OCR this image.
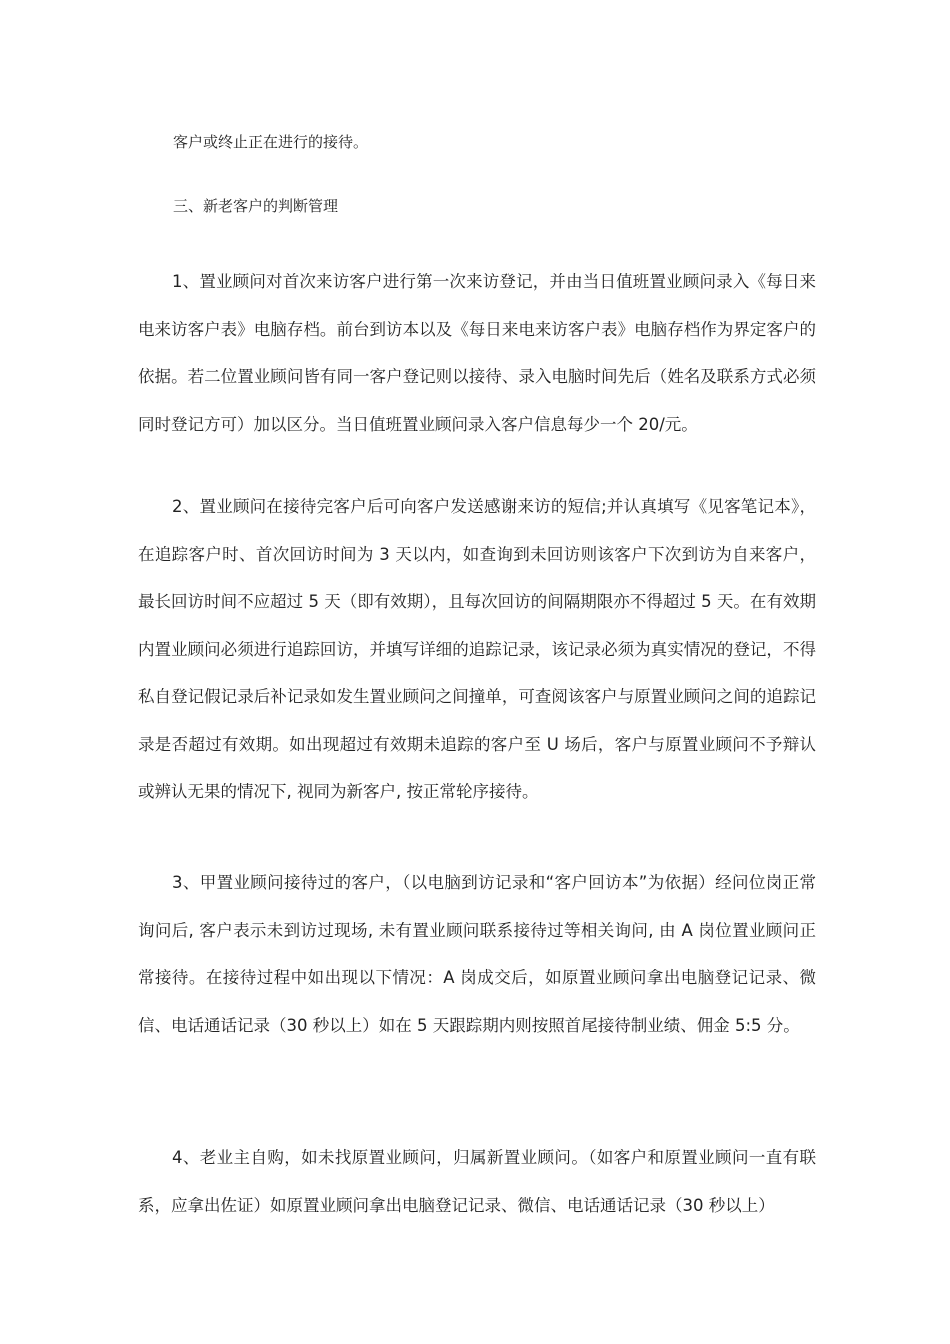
客户或终止正在进行的接待。
三、新老客户的判断管理

1、置业顾问对首次来访客户进行第一次来访登记，并由当日值班置业顾问录入《每日来电来访客户表》电脑存档。前台到访本以及《每日来电来访客户表》电脑存档作为界定客户的依据。若二位置业顾问皆有同一客户登记则以接待、录入电脑时间先后（姓名及联系方式必须同时登记方可）加以区分。当日值班置业顾问录入客户信息每少一个 20/元。

2、置业顾问在接待完客户后可向客户发送感谢来访的短信;并认真填写《见客笔记本》，在追踪客户时、首次回访时间为 3 天以内，如查询到未回访则该客户下次到访为自来客户，最长回访时间不应超过 5 天（即有效期），且每次回访的间隔期限亦不得超过 5 天。在有效期内置业顾问必须进行追踪回访，并填写详细的追踪记录，该记录必须为真实情况的登记，不得私自登记假记录后补记录如发生置业顾问之间撞单，可查阅该客户与原置业顾问之间的追踪记录是否超过有效期。如出现超过有效期未追踪的客户至 U 场后，客户与原置业顾问不予辩认或辨认无果的情况下, 视同为新客户, 按正常轮序接待。

3、甲置业顾问接待过的客户，（以电脑到访记录和“客户回访本”为依据）经问位岗正常询问后, 客户表示未到访过现场, 未有置业顾问联系接待过等相关询问, 由 A 岗位置业顾问正常接待。在接待过程中如出现以下情况：A 岗成交后，如原置业顾问拿出电脑登记记录、微信、电话通话记录（30 秒以上）如在 5 天跟踪期内则按照首尾接待制业绩、佣金 5:5 分。

4、老业主自购，如未找原置业顾问，归属新置业顾问。（如客户和原置业顾问一直有联系，应拿出佐证）如原置业顾问拿出电脑登记记录、微信、电话通话记录（30 秒以上）
